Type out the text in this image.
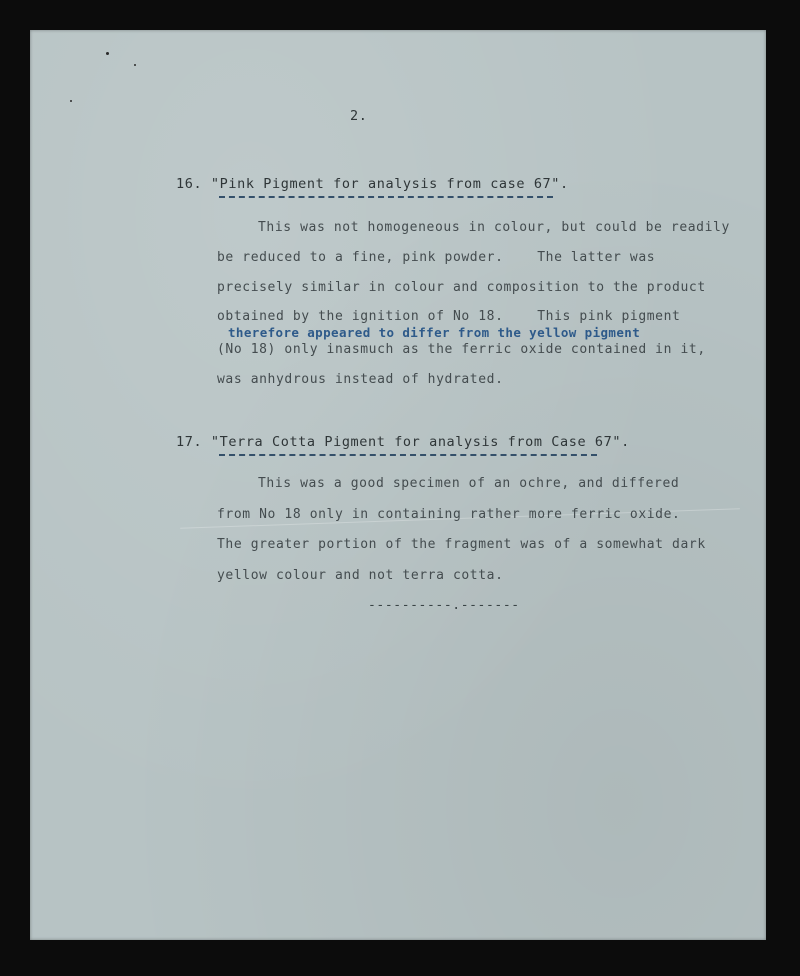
2.
16. "Pink Pigment for analysis from case 67".
This was not homogeneous in colour, but could be readily
be reduced to a fine, pink powder.    The latter was
precisely similar in colour and composition to the product
obtained by the ignition of No 18.    This pink pigment
therefore appeared to differ from the yellow pigment
(No 18) only inasmuch as the ferric oxide contained in it,
was anhydrous instead of hydrated.
17. "Terra Cotta Pigment for analysis from Case 67".
This was a good specimen of an ochre, and differed
from No 18 only in containing rather more ferric oxide.
The greater portion of the fragment was of a somewhat dark
yellow colour and not terra cotta.
----------.-------
